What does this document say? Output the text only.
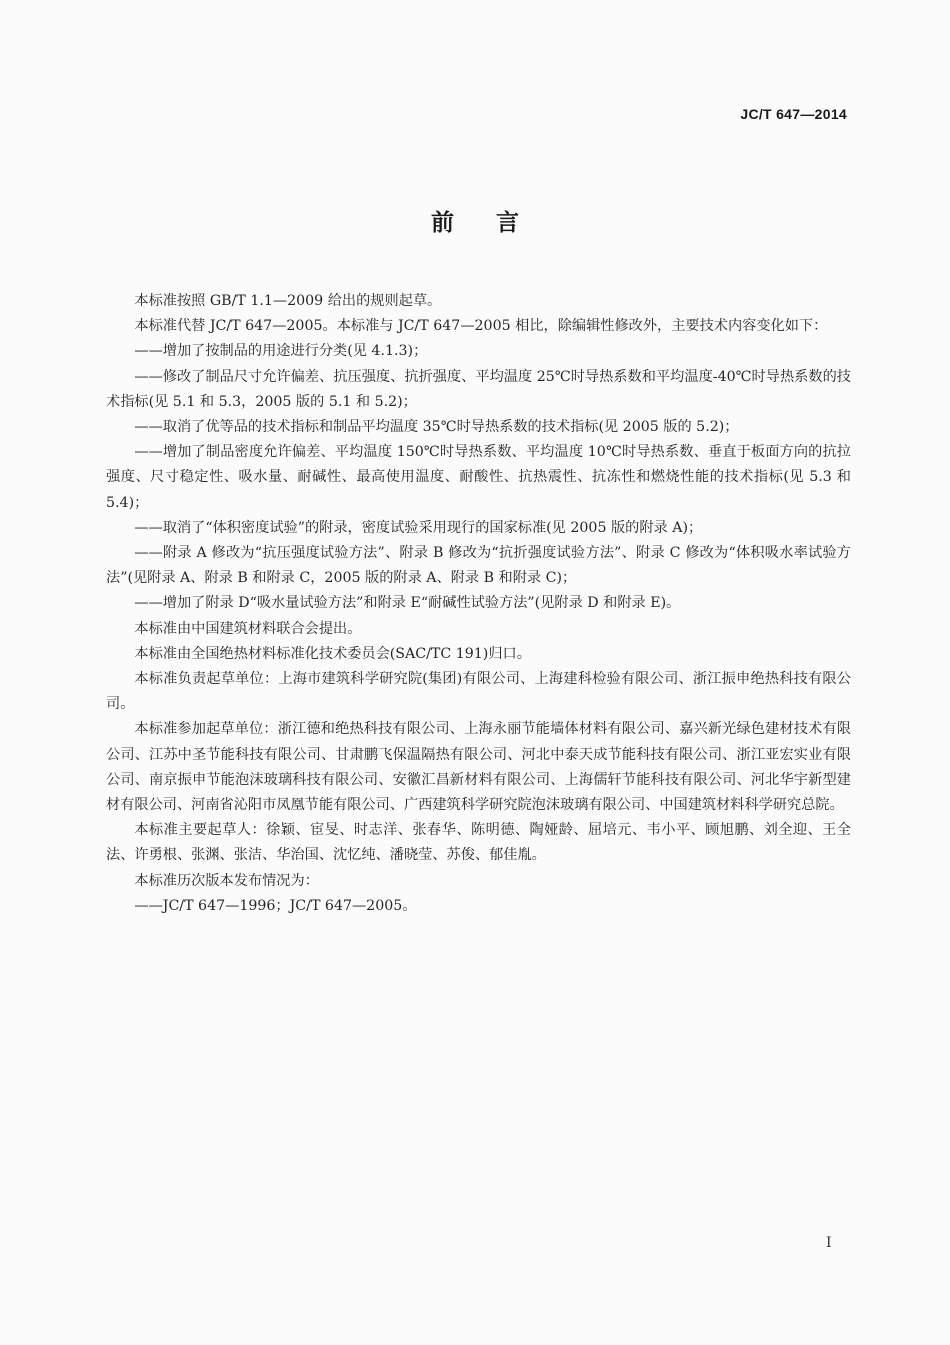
JC/T 647—2014
前言

本标准按照 GB/T 1.1—2009 给出的规则起草。

本标准代替 JC/T 647—2005。本标准与 JC/T 647—2005 相比，除编辑性修改外，主要技术内容变化如下：

——增加了按制品的用途进行分类(见 4.1.3)；

——修改了制品尺寸允许偏差、抗压强度、抗折强度、平均温度 25℃时导热系数和平均温度-40℃时导热系数的技术指标(见 5.1 和 5.3，2005 版的 5.1 和 5.2)；

——取消了优等品的技术指标和制品平均温度 35℃时导热系数的技术指标(见 2005 版的 5.2)；

——增加了制品密度允许偏差、平均温度 150℃时导热系数、平均温度 10℃时导热系数、垂直于板面方向的抗拉强度、尺寸稳定性、吸水量、耐碱性、最高使用温度、耐酸性、抗热震性、抗冻性和燃烧性能的技术指标(见 5.3 和 5.4)；

——取消了“体积密度试验”的附录，密度试验采用现行的国家标准(见 2005 版的附录 A)；

——附录 A 修改为“抗压强度试验方法”、附录 B 修改为“抗折强度试验方法”、附录 C 修改为“体积吸水率试验方法”(见附录 A、附录 B 和附录 C，2005 版的附录 A、附录 B 和附录 C)；

——增加了附录 D“吸水量试验方法”和附录 E“耐碱性试验方法”(见附录 D 和附录 E)。

本标准由中国建筑材料联合会提出。

本标准由全国绝热材料标准化技术委员会(SAC/TC 191)归口。

本标准负责起草单位：上海市建筑科学研究院(集团)有限公司、上海建科检验有限公司、浙江振申绝热科技有限公司。

本标准参加起草单位：浙江德和绝热科技有限公司、上海永丽节能墙体材料有限公司、嘉兴新光绿色建材技术有限公司、江苏中圣节能科技有限公司、甘肃鹏飞保温隔热有限公司、河北中泰天成节能科技有限公司、浙江亚宏实业有限公司、南京振申节能泡沫玻璃科技有限公司、安徽汇昌新材料有限公司、上海儒轩节能科技有限公司、河北华宇新型建材有限公司、河南省沁阳市凤凰节能有限公司、广西建筑科学研究院泡沫玻璃有限公司、中国建筑材料科学研究总院。

本标准主要起草人：徐颖、宦旻、时志洋、张春华、陈明德、陶娅龄、屈培元、韦小平、顾旭鹏、刘全迎、王全法、许勇根、张渊、张洁、华治国、沈忆纯、潘晓莹、苏俊、郁佳胤。

本标准历次版本发布情况为：

——JC/T 647—1996；JC/T 647—2005。

I
